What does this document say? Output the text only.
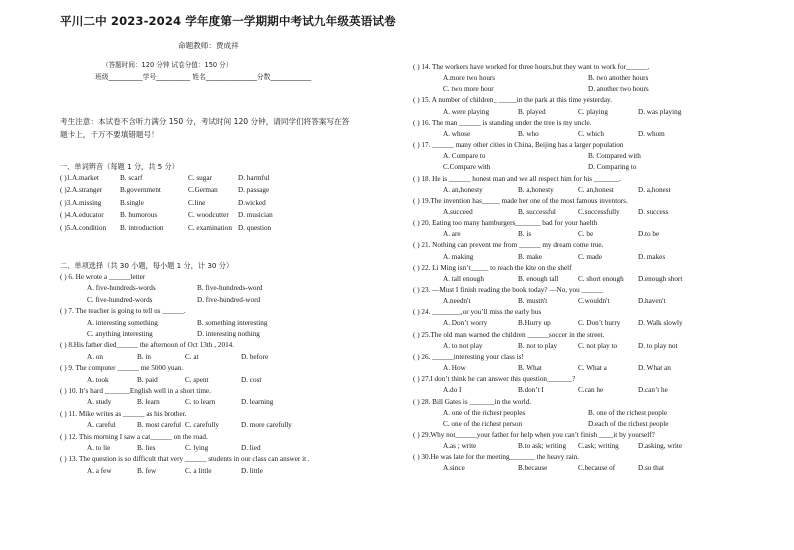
平川二中 2023-2024 学年度第一学期期中考试九年级英语试卷
命题教师：贾成祥
（答题时间：120 分钟 试卷分值：150 分）
班级__________学号__________ 姓名_______________分数____________
考生注意：本试卷不含听力满分 150 分，考试时间 120 分钟，请同学们将答案写在答
题卡上，千万不要填错题号！
一、单词辨音（每题 1 分，共 5 分）
( )1.A.market	B. scarf	C. sugar	D. harmful
( )2.A.stranger B.government	C.German	D. passage
( )3.A.missing	B.single	C.line	D.wicked
( )4.A.educator B. humorous	C. woodcutter D. musician
( )5.A.condition B. introduction	C. examination D. question
二、单项选择（共 30 小题，每小题 1 分，计 30 分）
( ) 6. He wrote a ______letter
A. five-hundreds-words	B. five-hundreds-word
C. five-hundred-words	D. five-hundred-word
( ) 7. The teacher is going to tell us ______.
A. interesting something	B. something interesting
C. anything interesting	D. interesting nothing
( ) 8.His father died______ the afternoon of Oct 13th , 2014.
A. on	B. in	C. at	D. before
( ) 9. The computer ______ me 5000 yuan.
A. took	B. paid	C. spent	D. cost
( ) 10. It’s hard _______English well in a short time.
A. study	B. learn	C. to learn	D. learning
( ) 11. Mike writes as ______ as his brother.
A. careful	B. most careful C. carefully	D. more carefully
( ) 12. This morning I saw a cat______ on the road.
A. to lie	B. lies	C. lying	D. lied
( ) 13. The question is so difficult that very ______ students in our class can answer it .
A. a few	B. few	C. a little	D. little
( ) 14. The workers have worked for three hours,but they want to work for______.
A.more two hours	B. two another hours
C. two more hour	D. another two hours
( ) 15. A number of children_ _____in the park at this time yesterday.
A. were playing	B. played	C. playing	D. was playing
( ) 16. The man ______ is standing under the tree is my uncle.
A. whose	B. who	C. which	D. whom
( ) 17. ______ many other cities in China, Beijing has a larger population
A. Compare to	B. Compared with
C.Compare with	D. Comparing to
( ) 18. He is ______ honest man and we all respect him for his _______.
A. an,honesty	B. a,honesty	C. an,honest	D. a,honest
( ) 19.The invention has_____ made her one of the most famous inventors.
A.succeed	B. successful	C.successfully	D. success
( ) 20. Eating too many hamburgers_______ bad for your haelth
A. are	B. is	C. be	D.to be
( ) 21. Nothing can prevent me from ______ my dream come true.
A. making	B. make	C. made	D. makes
( ) 22. Li Ming isn’t_____ to reach the kite on the shelf
A. tall enough	B. enough tall	C. short enough D.enough short
( ) 23. —Must I finish reading the book today? —No, you ______
A.needn't	B. mustn't	C.wouldn't	D.haven't
( ) 24. ________,or you’ll miss the early bus
A. Don’t worry	B.Hurry up	C. Don’t hurry D. Walk slowly
( ) 25.The old man warned the children ______soccer in the street.
A. to not play	B. not to play	C. not play to	D. to play not
( ) 26. ______interesting your class is!
A. How	B. What	C. What a	D. What an
( ) 27.I don’t think he can answer this question_______?
A.do I	B.don’t I	C.can he	D.can’t he
( ) 28. Bill Gates is _______in the world.
A. one of the richest peoples	B. one of the richest people
C. one of the richest person	D.each of the richest people
( ) 29.Why not______your father for help when you can’t finish ____it by yourself?
A.as ; write	B.to ask; writing C.ask; writing	D.asking, write
( ) 30.He was late for the meeting_______ the heavy rain.
A.since	B.because	C.because of	D.so that
